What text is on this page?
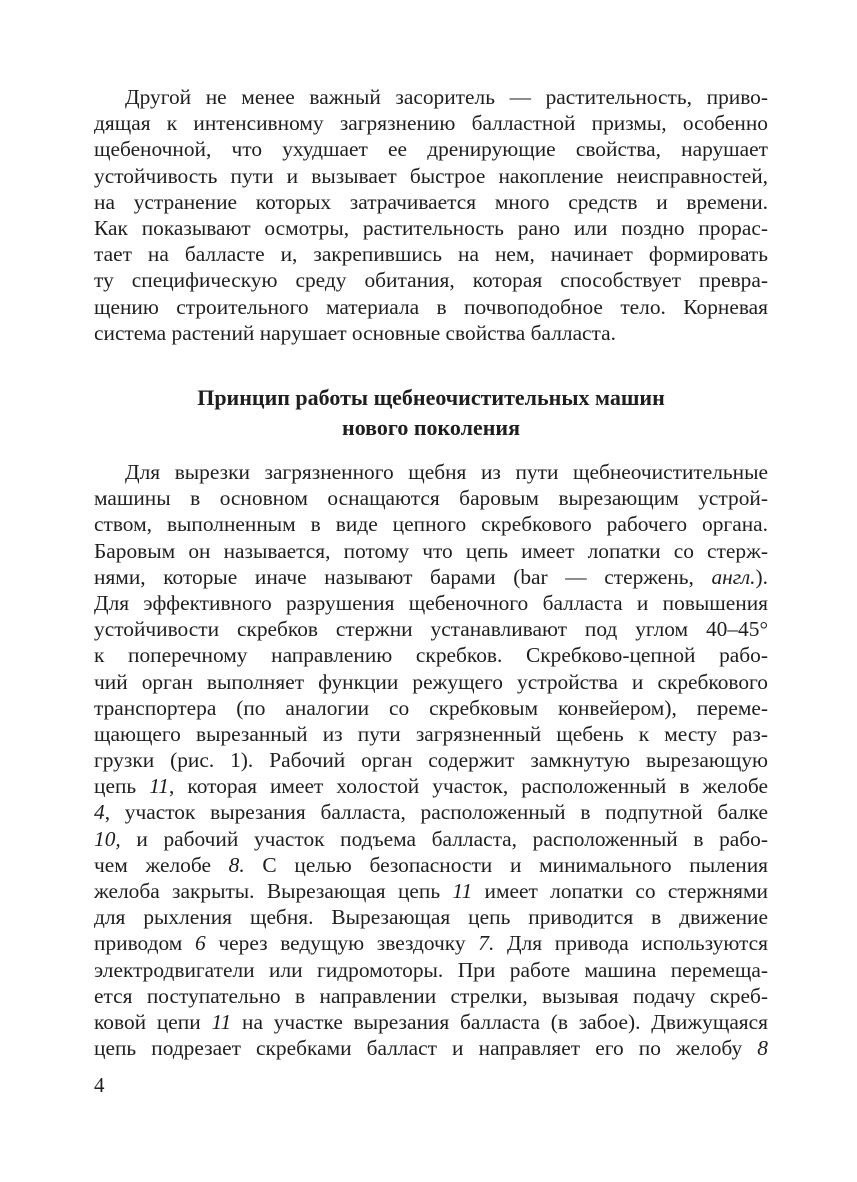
Другой не менее важный засоритель — растительность, приво-
дящая к интенсивному загрязнению балластной призмы, особенно
щебеночной, что ухудшает ее дренирующие свойства, нарушает
устойчивость пути и вызывает быстрое накопление неисправностей,
на устранение которых затрачивается много средств и времени.
Как показывают осмотры, растительность рано или поздно прорас-
тает на балласте и, закрепившись на нем, начинает формировать
ту специфическую среду обитания, которая способствует превра-
щению строительного материала в почвоподобное тело. Корневая
система растений нарушает основные свойства балласта.
Принцип работы щебнеочистительных машин
нового поколения
Для вырезки загрязненного щебня из пути щебнеочистительные
машины в основном оснащаются баровым вырезающим устрой-
ством, выполненным в виде цепного скребкового рабочего органа.
Баровым он называется, потому что цепь имеет лопатки со стерж-
нями, которые иначе называют барами (bar — стержень, англ.).
Для эффективного разрушения щебеночного балласта и повышения
устойчивости скребков стержни устанавливают под углом 40–45°
к поперечному направлению скребков. Скребково-цепной рабо-
чий орган выполняет функции режущего устройства и скребкового
транспортера (по аналогии со скребковым конвейером), переме-
щающего вырезанный из пути загрязненный щебень к месту раз-
грузки (рис. 1). Рабочий орган содержит замкнутую вырезающую
цепь 11, которая имеет холостой участок, расположенный в желобе
4, участок вырезания балласта, расположенный в подпутной балке
10, и рабочий участок подъема балласта, расположенный в рабо-
чем желобе 8. С целью безопасности и минимального пыления
желоба закрыты. Вырезающая цепь 11 имеет лопатки со стержнями
для рыхления щебня. Вырезающая цепь приводится в движение
приводом 6 через ведущую звездочку 7. Для привода используются
электродвигатели или гидромоторы. При работе машина перемеща-
ется поступательно в направлении стрелки, вызывая подачу скреб-
ковой цепи 11 на участке вырезания балласта (в забое). Движущаяся
цепь подрезает скребками балласт и направляет его по желобу 8
4
